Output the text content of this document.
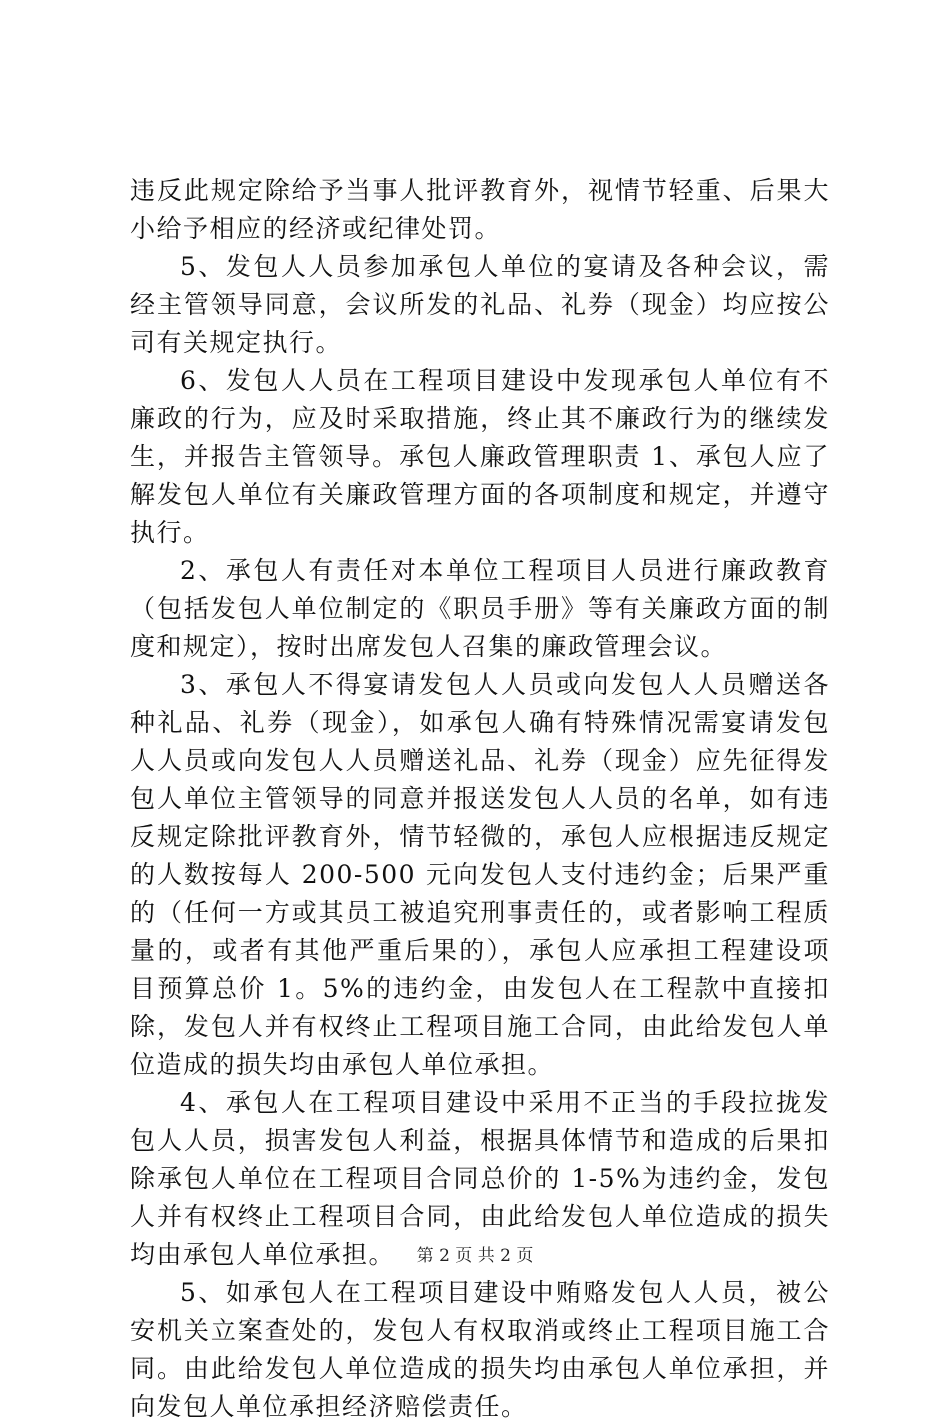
违反此规定除给予当事人批评教育外，视情节轻重、后果大小给予相应的经济或纪律处罚。

5、发包人人员参加承包人单位的宴请及各种会议，需经主管领导同意，会议所发的礼品、礼券（现金）均应按公司有关规定执行。

6、发包人人员在工程项目建设中发现承包人单位有不廉政的行为，应及时采取措施，终止其不廉政行为的继续发生，并报告主管领导。承包人廉政管理职责 1、承包人应了解发包人单位有关廉政管理方面的各项制度和规定，并遵守执行。

2、承包人有责任对本单位工程项目人员进行廉政教育（包括发包人单位制定的《职员手册》等有关廉政方面的制度和规定），按时出席发包人召集的廉政管理会议。

3、承包人不得宴请发包人人员或向发包人人员赠送各种礼品、礼券（现金），如承包人确有特殊情况需宴请发包人人员或向发包人人员赠送礼品、礼券（现金）应先征得发包人单位主管领导的同意并报送发包人人员的名单，如有违反规定除批评教育外，情节轻微的，承包人应根据违反规定的人数按每人 200-500 元向发包人支付违约金；后果严重的（任何一方或其员工被追究刑事责任的，或者影响工程质量的，或者有其他严重后果的），承包人应承担工程建设项目预算总价 1。5%的违约金，由发包人在工程款中直接扣除，发包人并有权终止工程项目施工合同，由此给发包人单位造成的损失均由承包人单位承担。

4、承包人在工程项目建设中采用不正当的手段拉拢发包人人员，损害发包人利益，根据具体情节和造成的后果扣除承包人单位在工程项目合同总价的 1-5%为违约金，发包人并有权终止工程项目合同，由此给发包人单位造成的损失均由承包人单位承担。

5、如承包人在工程项目建设中贿赂发包人人员，被公安机关立案查处的，发包人有权取消或终止工程项目施工合同。由此给发包人单位造成的损失均由承包人单位承担，并向发包人单位承担经济赔偿责任。

第 2 页 共 2 页
